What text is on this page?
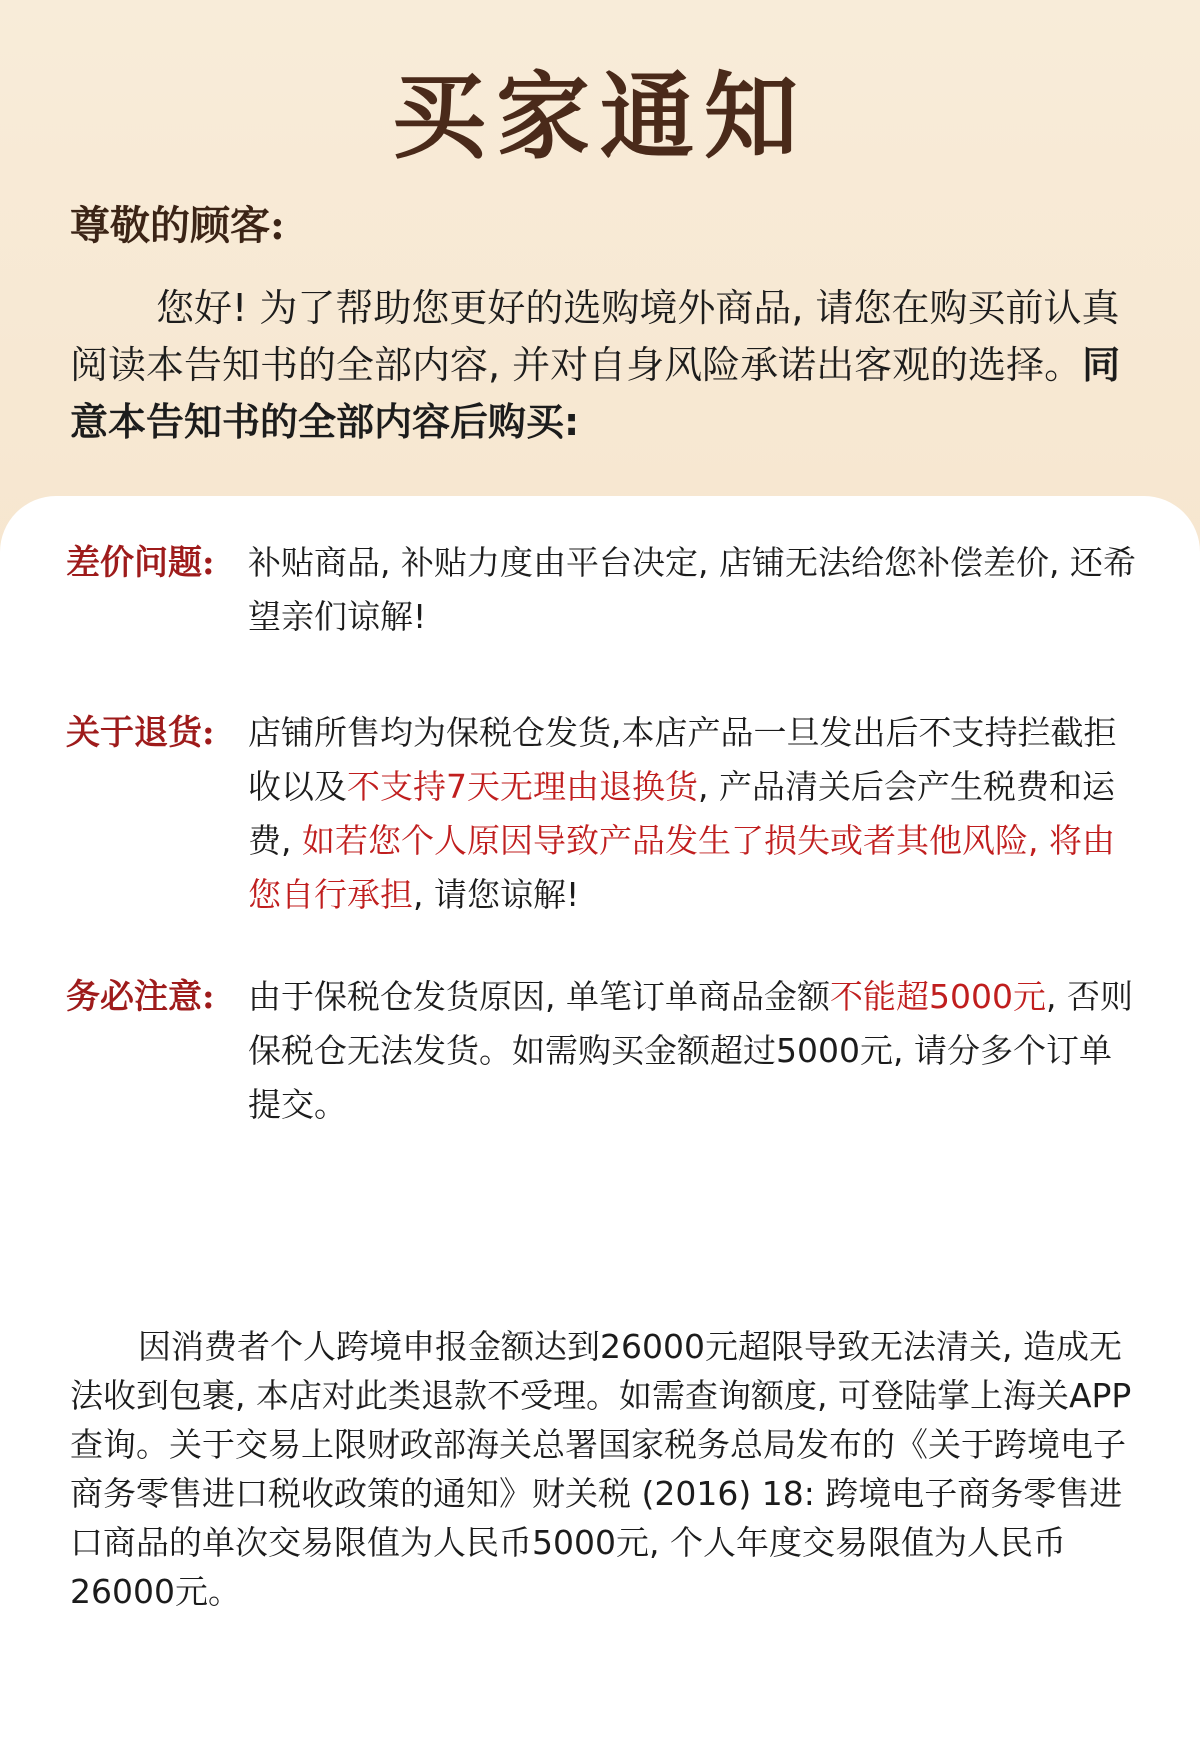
买家通知
尊敬的顾客:

您好! 为了帮助您更好的选购境外商品, 请您在购买前认真阅读本告知书的全部内容, 并对自身风险承诺出客观的选择。同意本告知书的全部内容后购买:

差价问题: 补贴商品, 补贴力度由平台决定, 店铺无法给您补偿差价, 还希望亲们谅解!

关于退货: 店铺所售均为保税仓发货,本店产品一旦发出后不支持拦截拒收以及不支持7天无理由退换货, 产品清关后会产生税费和运费, 如若您个人原因导致产品发生了损失或者其他风险, 将由您自行承担, 请您谅解!

务必注意: 由于保税仓发货原因, 单笔订单商品金额不能超5000元, 否则保税仓无法发货。如需购买金额超过5000元, 请分多个订单提交。

因消费者个人跨境申报金额达到26000元超限导致无法清关, 造成无法收到包裹, 本店对此类退款不受理。如需查询额度, 可登陆掌上海关APP查询。关于交易上限财政部海关总署国家税务总局发布的《关于跨境电子商务零售进口税收政策的通知》财关税 (2016) 18: 跨境电子商务零售进口商品的单次交易限值为人民币5000元, 个人年度交易限值为人民币26000元。
